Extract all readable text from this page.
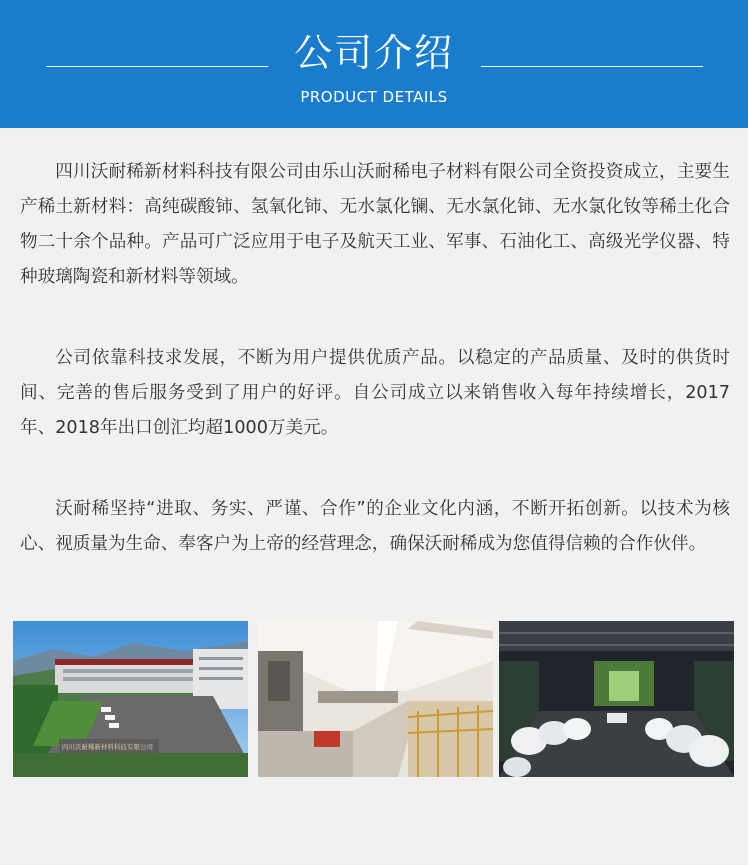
公司介绍
PRODUCT DETAILS

四川沃耐稀新材料科技有限公司由乐山沃耐稀电子材料有限公司全资投资成立，主要生产稀土新材料：高纯碳酸铈、氢氧化铈、无水氯化镧、无水氯化铈、无水氯化钕等稀土化合物二十余个品种。产品可广泛应用于电子及航天工业、军事、石油化工、高级光学仪器、特种玻璃陶瓷和新材料等领域。

公司依靠科技求发展，不断为用户提供优质产品。以稳定的产品质量、及时的供货时间、完善的售后服务受到了用户的好评。自公司成立以来销售收入每年持续增长，2017年、2018年出口创汇均超1000万美元。

沃耐稀坚持“进取、务实、严谨、合作”的企业文化内涵，不断开拓创新。以技术为核心、视质量为生命、奉客户为上帝的经营理念，确保沃耐稀成为您值得信赖的合作伙伴。

四川沃耐稀新材料科技有限公司
